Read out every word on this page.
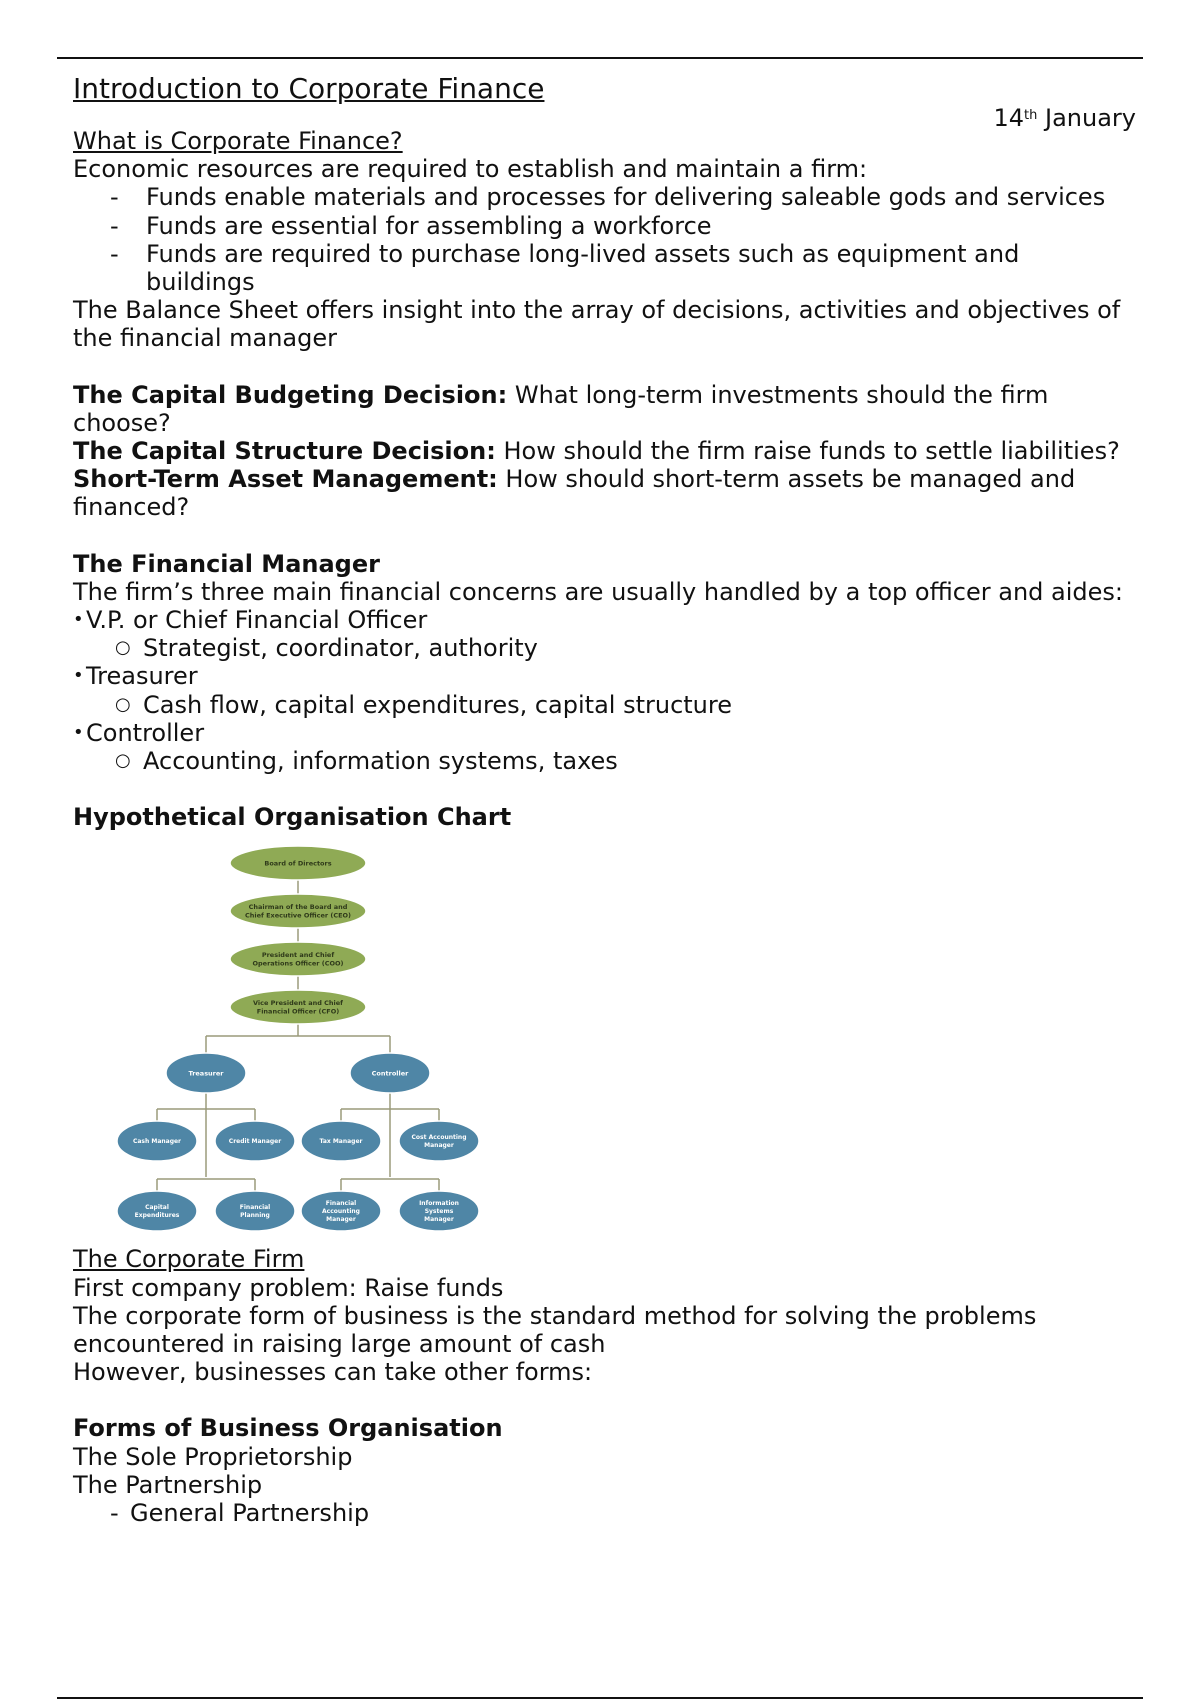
Introduction to Corporate Finance
14th January

What is Corporate Finance?

Economic resources are required to establish and maintain a firm:

- Funds enable materials and processes for delivering saleable gods and services
- Funds are essential for assembling a workforce
- Funds are required to purchase long-lived assets such as equipment and buildings

The Balance Sheet offers insight into the array of decisions, activities and objectives of the financial manager

The Capital Budgeting Decision: What long-term investments should the firm choose?

The Capital Structure Decision: How should the firm raise funds to settle liabilities?

Short-Term Asset Management: How should short-term assets be managed and financed?

The Financial Manager

The firm’s three main financial concerns are usually handled by a top officer and aides:

• V.P. or Chief Financial Officer
○ Strategist, coordinator, authority
• Treasurer
○ Cash flow, capital expenditures, capital structure
• Controller
○ Accounting, information systems, taxes

Hypothetical Organisation Chart

Board of Directors
Chairman of the Board and
Chief Executive Officer (CEO)
President and Chief
Operations Officer (COO)
Vice President and Chief
Financial Officer (CFO)
Treasurer	Controller
Cash Manager	Credit Manager
Capital
Expenditures
Financial
Planning
Tax Manager
Cost Accounting
Manager
Financial
Accounting
Manager
Information
Systems
Manager

The Corporate Firm

First company problem: Raise funds

The corporate form of business is the standard method for solving the problems encountered in raising large amount of cash

However, businesses can take other forms:

Forms of Business Organisation

The Sole Proprietorship

The Partnership

- General Partnership
